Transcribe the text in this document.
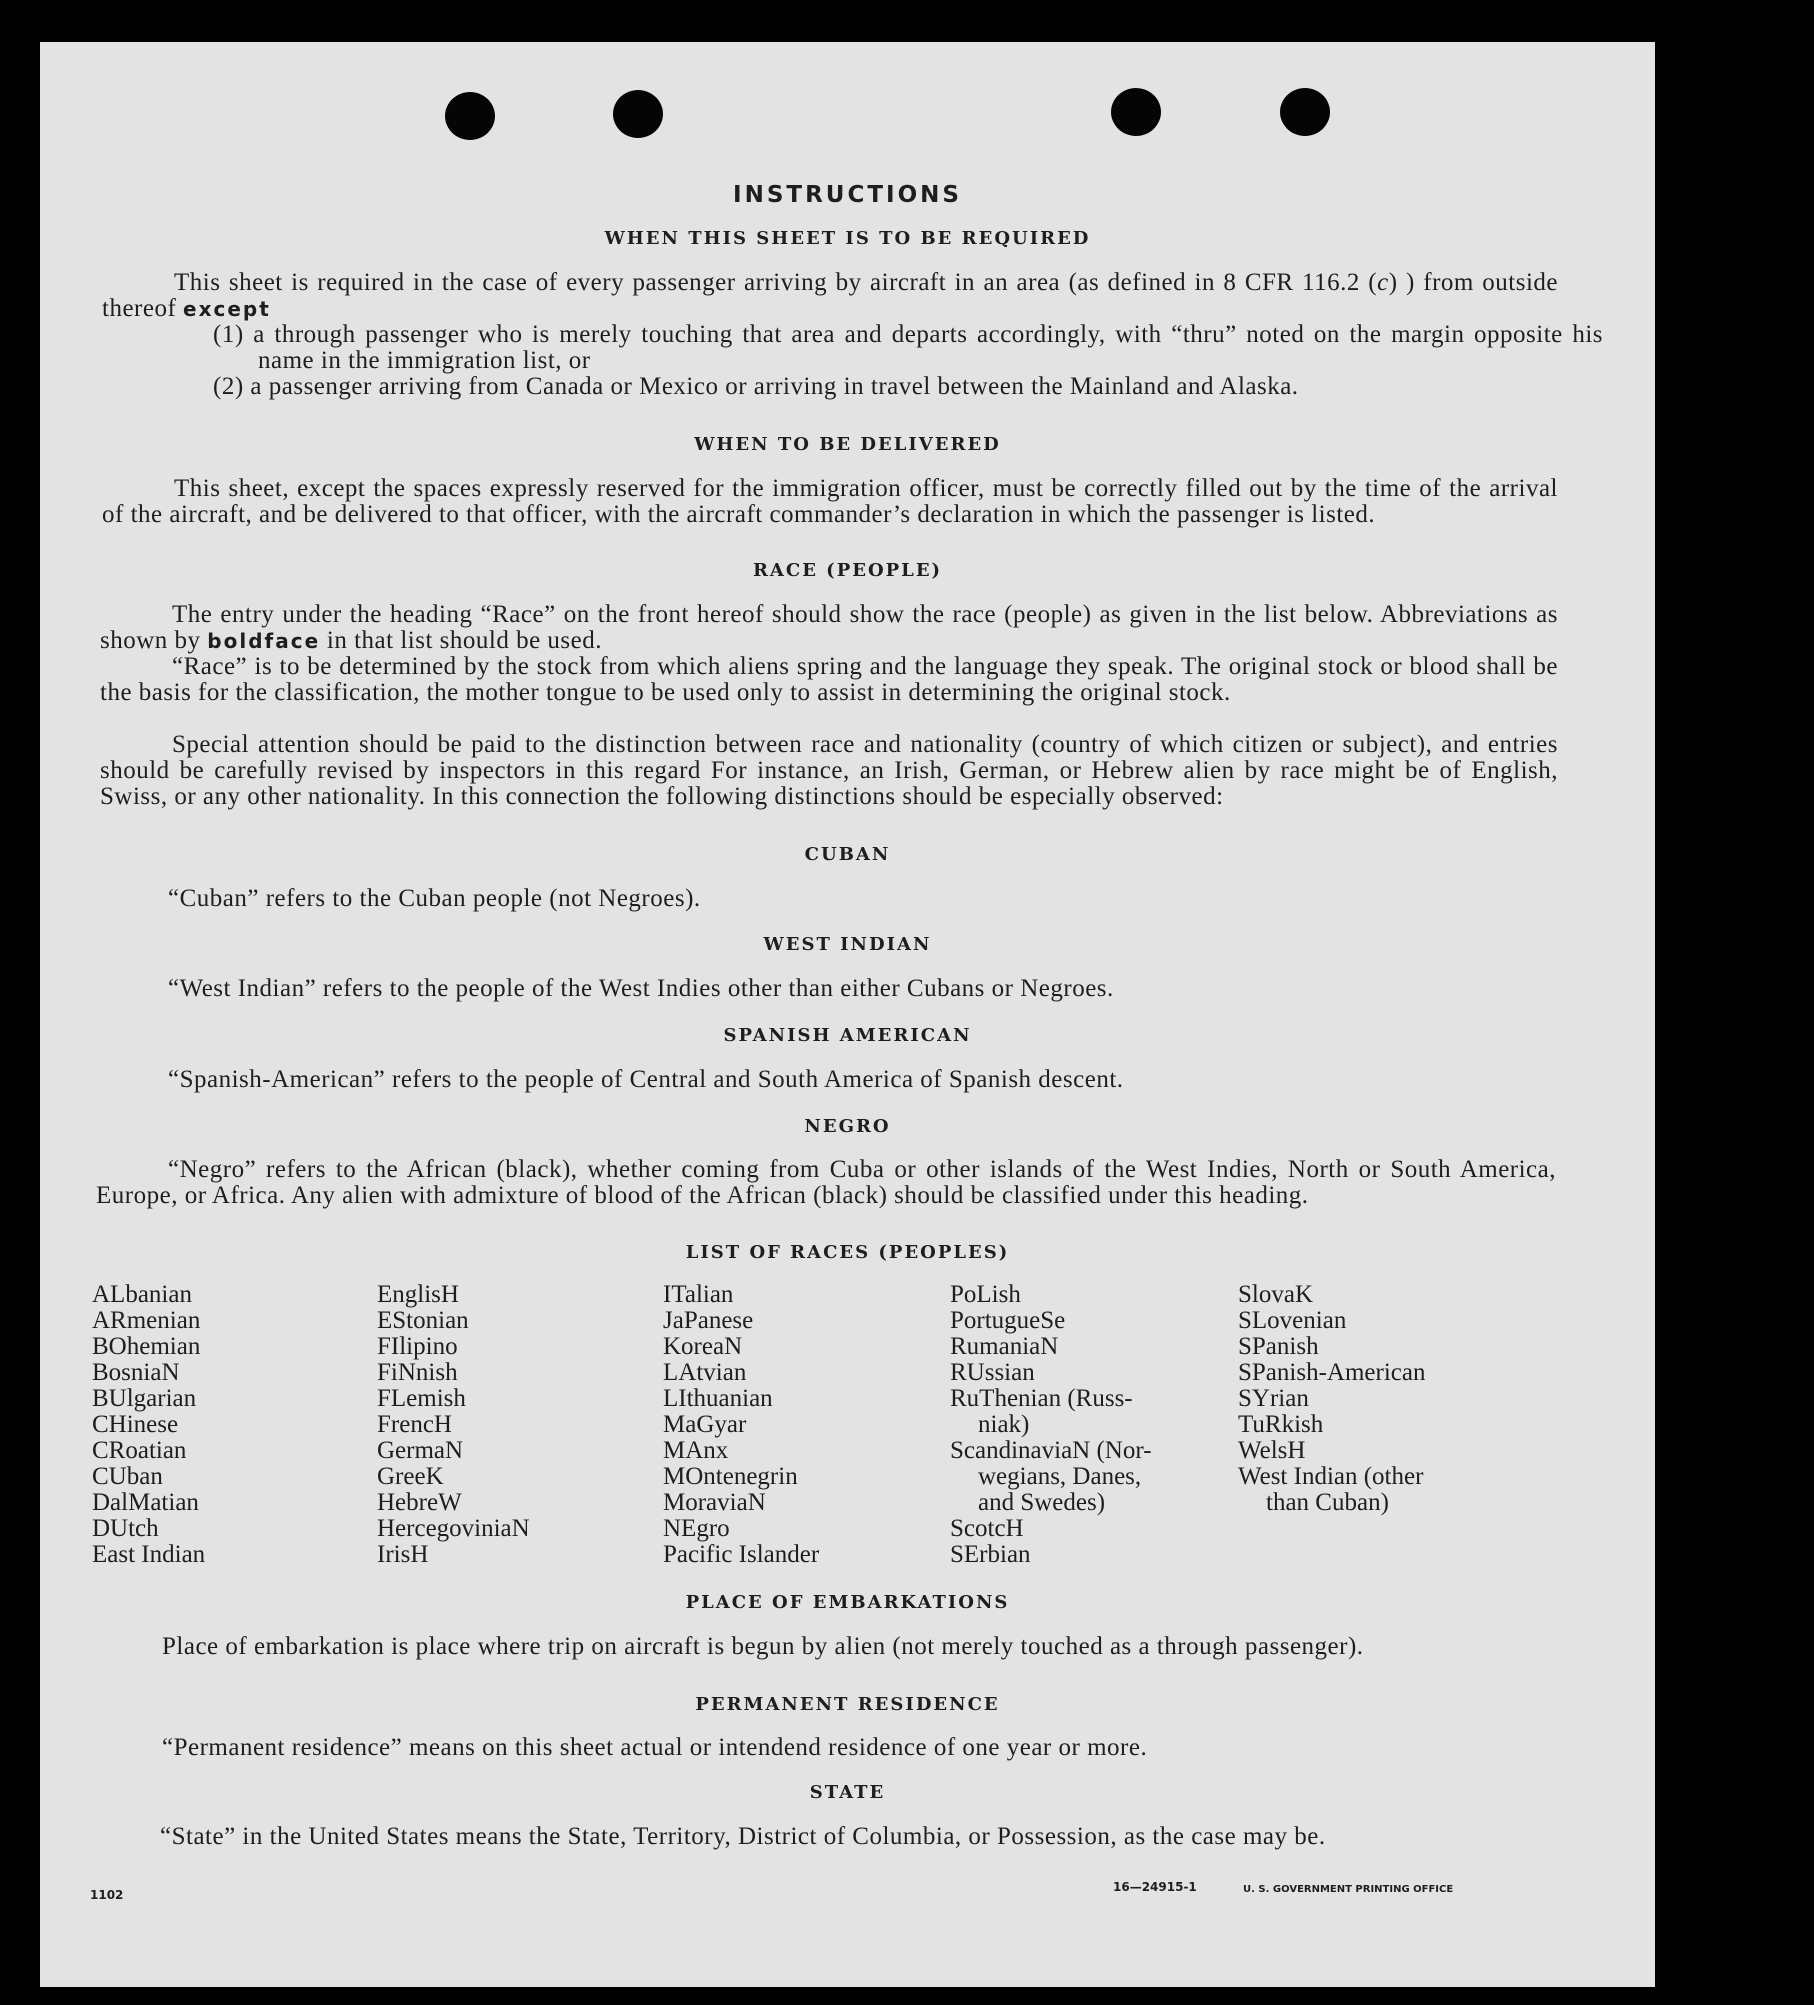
INSTRUCTIONS
WHEN THIS SHEET IS TO BE REQUIRED
This sheet is required in the case of every passenger arriving by aircraft in an area (as defined in 8 CFR 116.2 (c) ) from outside thereof except
(1) a through passenger who is merely touching that area and departs accordingly, with “thru” noted on the margin opposite his name in the immigration list, or
(2) a passenger arriving from Canada or Mexico or arriving in travel between the Mainland and Alaska.
WHEN TO BE DELIVERED
This sheet, except the spaces expressly reserved for the immigration officer, must be correctly filled out by the time of the arrival of the aircraft, and be delivered to that officer, with the aircraft commander’s declaration in which the passenger is listed.
RACE (PEOPLE)
The entry under the heading “Race” on the front hereof should show the race (people) as given in the list below. Abbreviations as shown by boldface in that list should be used.
“Race” is to be determined by the stock from which aliens spring and the language they speak. The original stock or blood shall be the basis for the classification, the mother tongue to be used only to assist in determining the original stock.
Special attention should be paid to the distinction between race and nationality (country of which citizen or subject), and entries should be carefully revised by inspectors in this regard For instance, an Irish, German, or Hebrew alien by race might be of English, Swiss, or any other nationality. In this connection the following distinctions should be especially observed:
CUBAN
“Cuban” refers to the Cuban people (not Negroes).
WEST INDIAN
“West Indian” refers to the people of the West Indies other than either Cubans or Negroes.
SPANISH AMERICAN
“Spanish-American” refers to the people of Central and South America of Spanish descent.
NEGRO
“Negro” refers to the African (black), whether coming from Cuba or other islands of the West Indies, North or South America, Europe, or Africa. Any alien with admixture of blood of the African (black) should be classified under this heading.
LIST OF RACES (PEOPLES)
ALbanian
ARmenian
BOhemian
BosniaN
BUlgarian
CHinese
CRoatian
CUban
DalMatian
DUtch
East Indian
EnglisH
EStonian
FIlipino
FiNnish
FLemish
FrencH
GermaN
GreeK
HebreW
HercegoviniaN
IrisH
ITalian
JaPanese
KoreaN
LAtvian
LIthuanian
MaGyar
MAnx
MOntenegrin
MoraviaN
NEgro
Pacific Islander
PoLish
PortugueSe
RumaniaN
RUssian
RuThenian (Russ-
niak)
ScandinaviaN (Nor-
wegians, Danes,
and Swedes)
ScotcH
SErbian
SlovaK
SLovenian
SPanish
SPanish-American
SYrian
TuRkish
WelsH
West Indian (other
than Cuban)
PLACE OF EMBARKATIONS
Place of embarkation is place where trip on aircraft is begun by alien (not merely touched as a through passenger).
PERMANENT RESIDENCE
“Permanent residence” means on this sheet actual or intendend residence of one year or more.
STATE
“State” in the United States means the State, Territory, District of Columbia, or Possession, as the case may be.
1102
16—24915-1	U. S. GOVERNMENT PRINTING OFFICE
